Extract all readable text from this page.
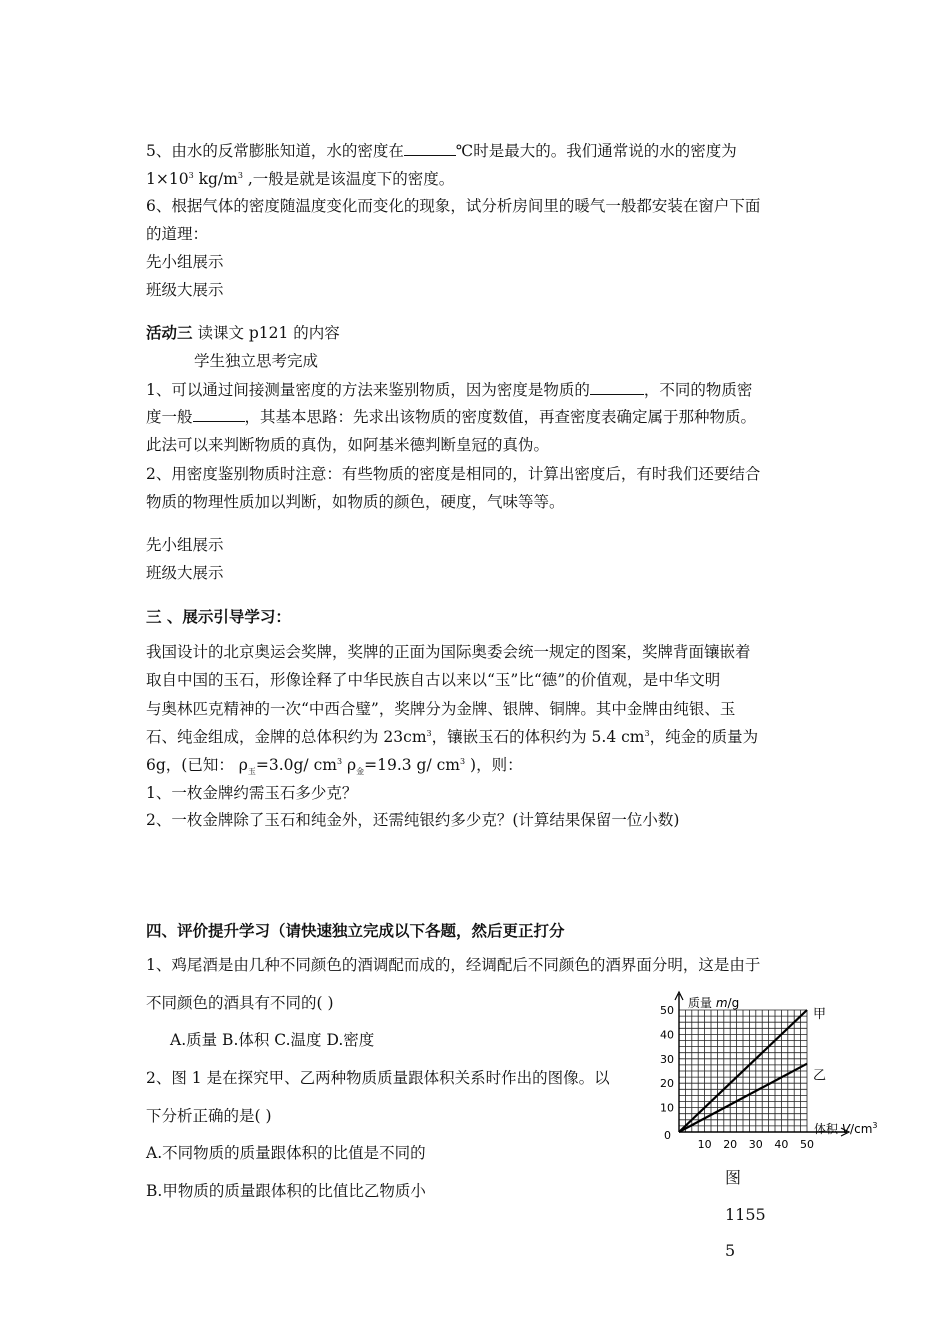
5、由水的反常膨胀知道，水的密度在	℃时是最大的。我们通常说的水的密度为
$1\times 10^3$ $kg/m^3$ ,一般是就是该温度下的密度。
6、根据气体的密度随温度变化而变化的现象，试分析房间里的暖气一般都安装在窗户下面
的道理：
先小组展示
班级大展示
活动三 读课文 p121 的内容
学生独立思考完成
1、可以通过间接测量密度的方法来鉴别物质，因为密度是物质的	，不同的物质密
度一般	，其基本思路：先求出该物质的密度数值，再查密度表确定属于那种物质。
此法可以来判断物质的真伪，如阿基米德判断皇冠的真伪。
2、用密度鉴别物质时注意：有些物质的密度是相同的，计算出密度后，有时我们还要结合
物质的物理性质加以判断，如物质的颜色，硬度，气味等等。
先小组展示
班级大展示
三 、展示引导学习：
我国设计的北京奥运会奖牌，奖牌的正面为国际奥委会统一规定的图案，奖牌背面镶嵌着
取自中国的玉石，形像诠释了中华民族自古以来以“玉”比“德”的价值观，是中华文明
与奥林匹克精神的一次“中西合璧”，奖牌分为金牌、银牌、铜牌。其中金牌由纯银、玉
石、纯金组成，金牌的总体积约为 $23cm^3$，镶嵌玉石的体积约为 5.4 $cm^3$，纯金的质量为
6g，(已知： $\rho_玉=3.0g/$ $cm^3$ $\rho_金=19.3$ g/ $cm^3$ )，则：
1、一枚金牌约需玉石多少克？
2、一枚金牌除了玉石和纯金外，还需纯银约多少克？(计算结果保留一位小数)
四、评价提升学习（请快速独立完成以下各题，然后更正打分
1、鸡尾酒是由几种不同颜色的酒调配而成的，经调配后不同颜色的酒界面分明，这是由于
不同颜色的酒具有不同的( )
A.质量 B.体积 C.温度 D.密度
2、图 1 是在探究甲、乙两种物质质量跟体积关系时作出的图像。以
下分析正确的是( )
A.不同物质的质量跟体积的比值是不同的
B.甲物质的质量跟体积的比值比乙物质小
质量 m/g
体积 $V/cm^3$
0
10
20
30
40
50
10 20 30 40 50
甲
乙
图
1155
5
